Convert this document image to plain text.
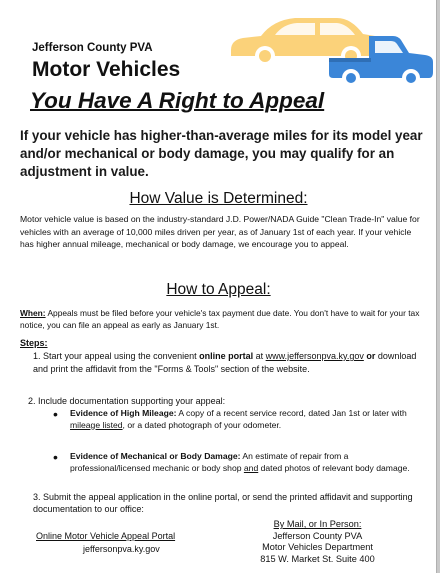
Jefferson County PVA
Motor Vehicles
You Have A Right to Appeal
If your vehicle has higher-than-average miles for its model year and/or mechanical or body damage, you may qualify for an adjustment in value.
How Value is Determined:
Motor vehicle value is based on the industry-standard J.D. Power/NADA Guide "Clean Trade-In" value for vehicles with an average of 10,000 miles driven per year, as of January 1st of each year. If your vehicle has higher annual mileage, mechanical or body damage, we encourage you to appeal.
How to Appeal:
When: Appeals must be filed before your vehicle's tax payment due date. You don't have to wait for your tax notice, you can file an appeal as early as January 1st.
Steps:
1. Start your appeal using the convenient online portal at www.jeffersonpva.ky.gov or download and print the affidavit from the "Forms & Tools" section of the website.
2. Include documentation supporting your appeal:
• Evidence of High Mileage: A copy of a recent service record, dated Jan 1st or later with mileage listed, or a dated photograph of your odometer.
• Evidence of Mechanical or Body Damage: An estimate of repair from a professional/licensed mechanic or body shop and dated photos of relevant body damage.
3. Submit the appeal application in the online portal, or send the printed affidavit and supporting documentation to our office:
Online Motor Vehicle Appeal Portal
jeffersonpva.ky.gov
By Mail, or In Person:
Jefferson County PVA
Motor Vehicles Department
815 W. Market St. Suite 400
